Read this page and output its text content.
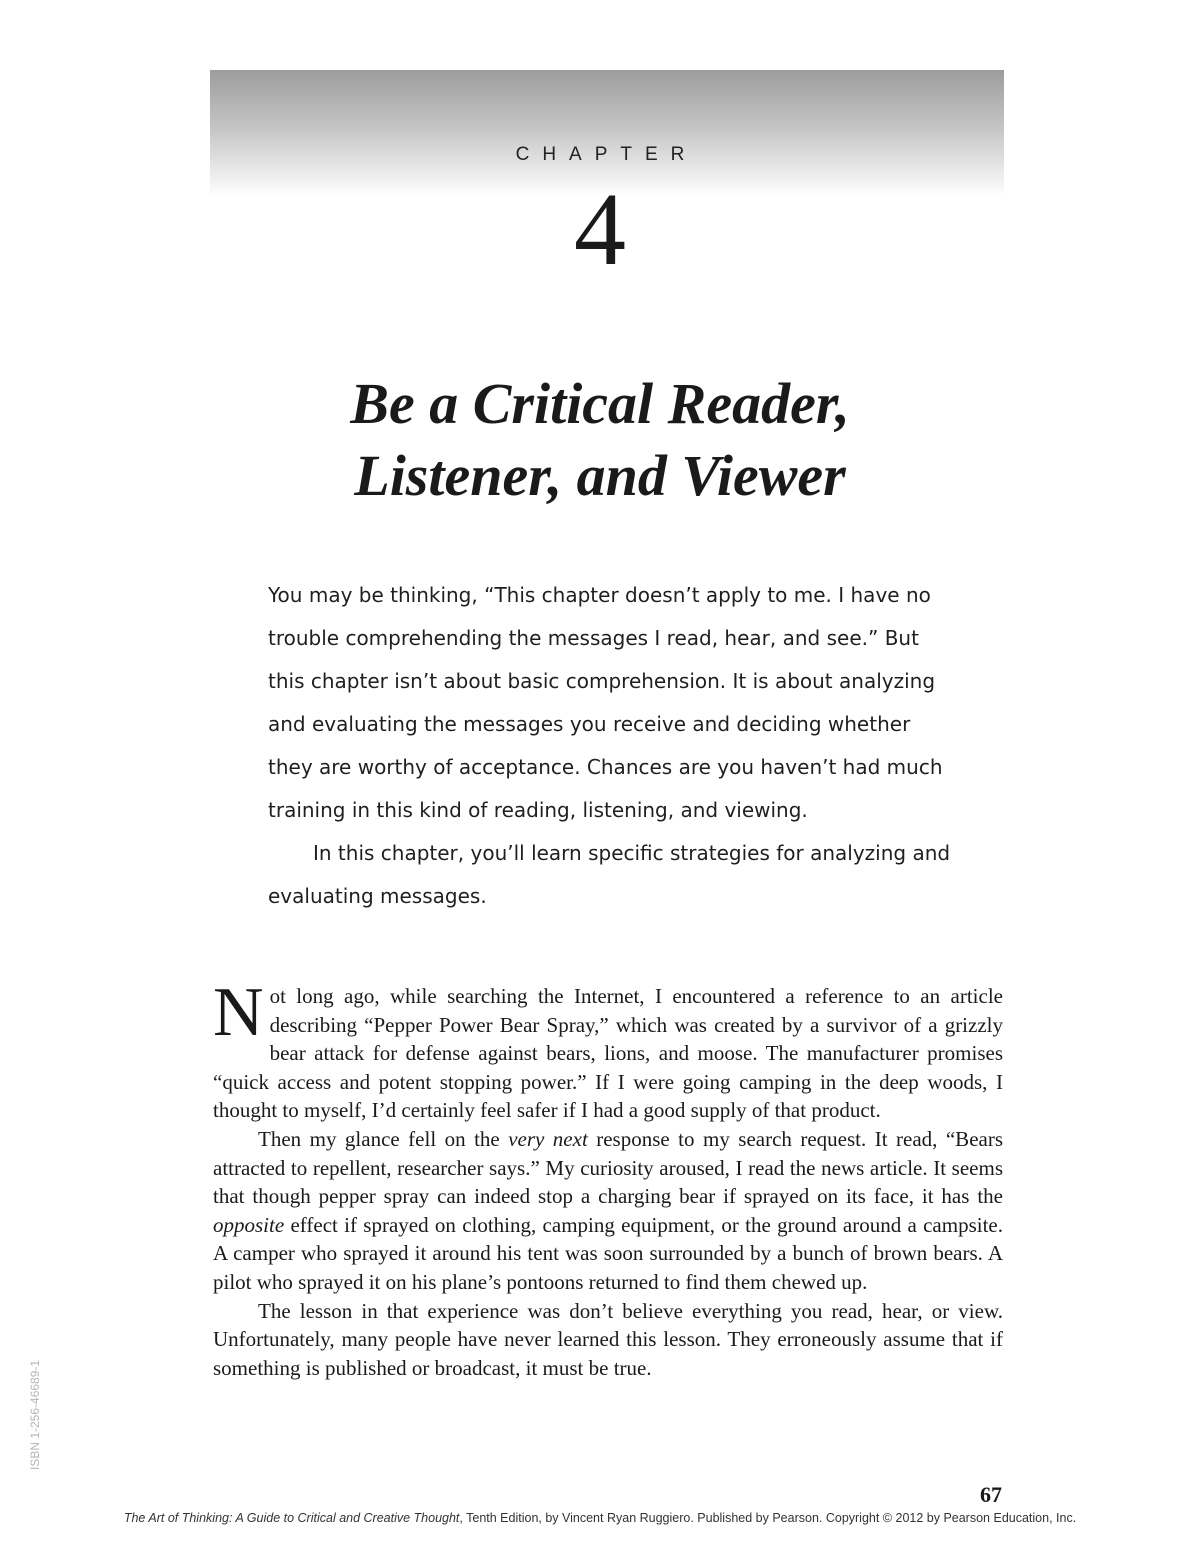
CHAPTER
4
Be a Critical Reader,
Listener, and Viewer

You may be thinking, “This chapter doesn’t apply to me. I have no trouble comprehending the messages I read, hear, and see.” But this chapter isn’t about basic comprehension. It is about analyzing and evaluating the messages you receive and deciding whether they are worthy of acceptance. Chances are you haven’t had much training in this kind of reading, listening, and viewing.

In this chapter, you’ll learn specific strategies for analyzing and evaluating messages.

Not long ago, while searching the Internet, I encountered a reference to an article describing “Pepper Power Bear Spray,” which was created by a survivor of a grizzly bear attack for defense against bears, lions, and moose. The manufacturer promises “quick access and potent stopping power.” If I were going camping in the deep woods, I thought to myself, I’d certainly feel safer if I had a good supply of that product.

Then my glance fell on the very next response to my search request. It read, “Bears attracted to repellent, researcher says.” My curiosity aroused, I read the news article. It seems that though pepper spray can indeed stop a charging bear if sprayed on its face, it has the opposite effect if sprayed on clothing, camping equipment, or the ground around a campsite. A camper who sprayed it around his tent was soon surrounded by a bunch of brown bears. A pilot who sprayed it on his plane’s pontoons returned to find them chewed up.

The lesson in that experience was don’t believe everything you read, hear, or view. Unfortunately, many people have never learned this lesson. They erroneously assume that if something is published or broadcast, it must be true.

ISBN 1-256-46689-1
67
The Art of Thinking: A Guide to Critical and Creative Thought, Tenth Edition, by Vincent Ryan Ruggiero. Published by Pearson. Copyright © 2012 by Pearson Education, Inc.
